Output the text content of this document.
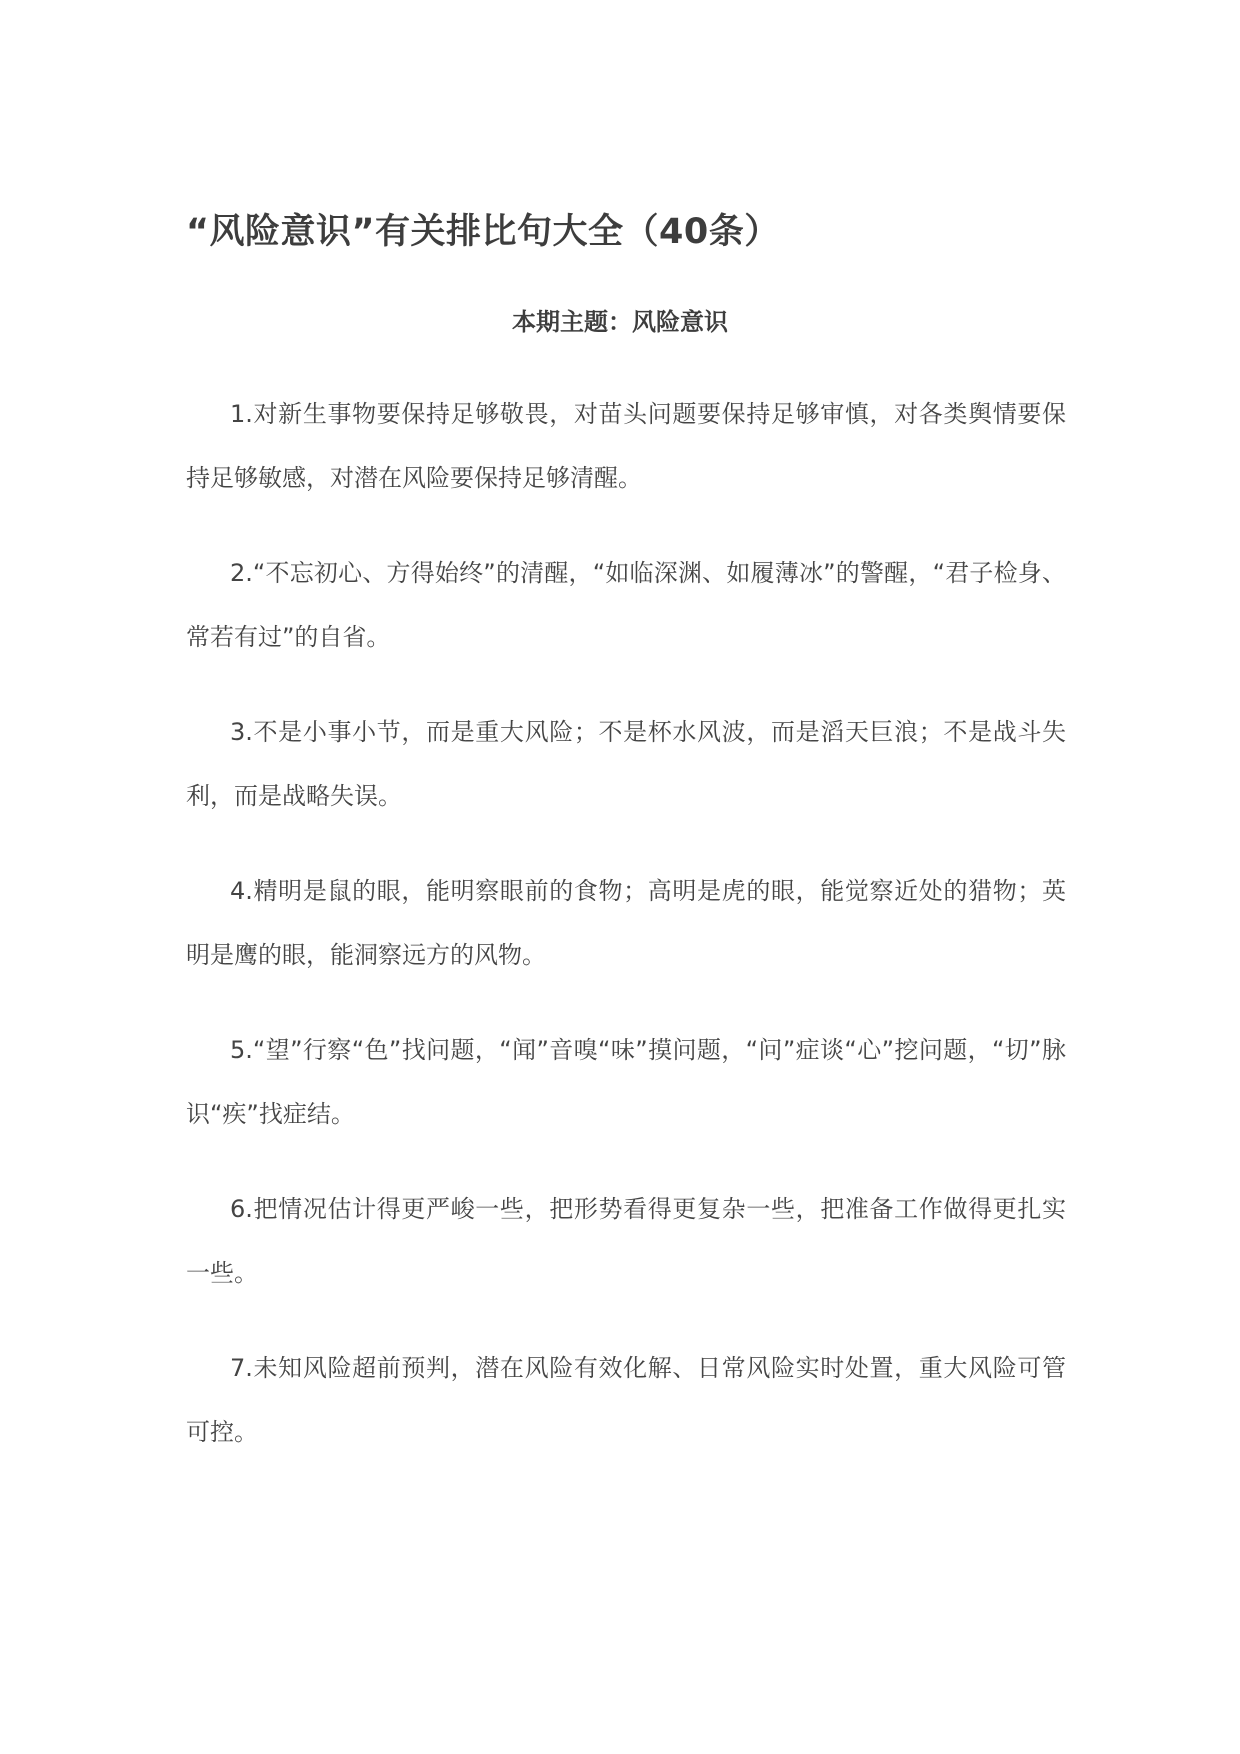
“风险意识”有关排比句大全（40条）
本期主题：风险意识
1.对新生事物要保持足够敬畏，对苗头问题要保持足够审慎，对各类舆情要保持足够敏感，对潜在风险要保持足够清醒。
2.“不忘初心、方得始终”的清醒，“如临深渊、如履薄冰”的警醒，“君子检身、常若有过”的自省。
3.不是小事小节，而是重大风险；不是杯水风波，而是滔天巨浪；不是战斗失利，而是战略失误。
4.精明是鼠的眼，能明察眼前的食物；高明是虎的眼，能觉察近处的猎物；英明是鹰的眼，能洞察远方的风物。
5.“望”行察“色”找问题，“闻”音嗅“味”摸问题，“问”症谈“心”挖问题，“切”脉识“疾”找症结。
6.把情况估计得更严峻一些，把形势看得更复杂一些，把准备工作做得更扎实一些。
7.未知风险超前预判，潜在风险有效化解、日常风险实时处置，重大风险可管可控。
